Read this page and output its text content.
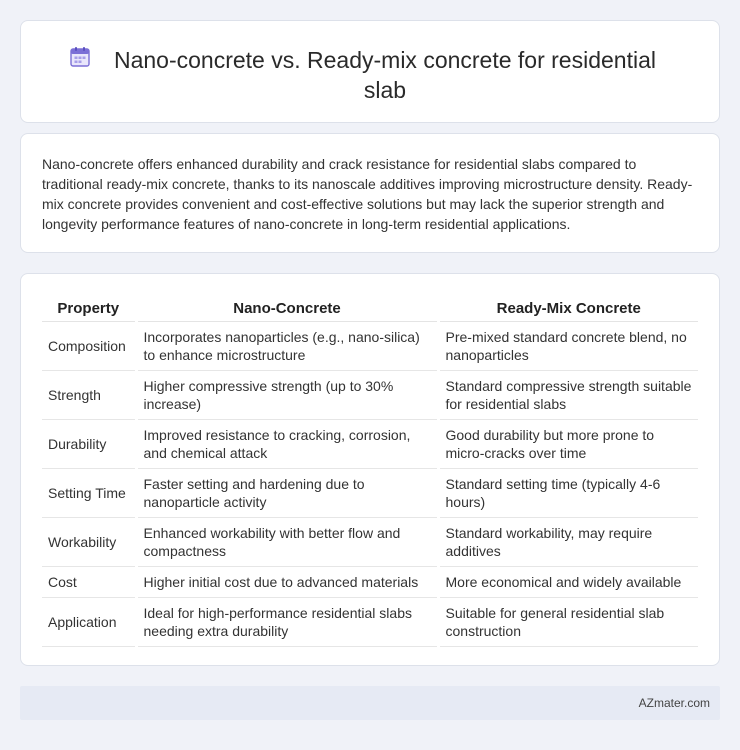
Nano-concrete vs. Ready-mix concrete for residential slab

Nano-concrete offers enhanced durability and crack resistance for residential slabs compared to traditional ready-mix concrete, thanks to its nanoscale additives improving microstructure density. Ready-mix concrete provides convenient and cost-effective solutions but may lack the superior strength and longevity performance features of nano-concrete in long-term residential applications.

Property	Nano-Concrete	Ready-Mix Concrete
Composition	Incorporates nanoparticles (e.g., nano-silica) to enhance microstructure	Pre-mixed standard concrete blend, no nanoparticles
Strength	Higher compressive strength (up to 30% increase)	Standard compressive strength suitable for residential slabs
Durability	Improved resistance to cracking, corrosion, and chemical attack	Good durability but more prone to micro-cracks over time
Setting Time	Faster setting and hardening due to nanoparticle activity	Standard setting time (typically 4-6 hours)
Workability	Enhanced workability with better flow and compactness	Standard workability, may require additives
Cost	Higher initial cost due to advanced materials	More economical and widely available
Application	Ideal for high-performance residential slabs needing extra durability	Suitable for general residential slab construction
AZmater.com
